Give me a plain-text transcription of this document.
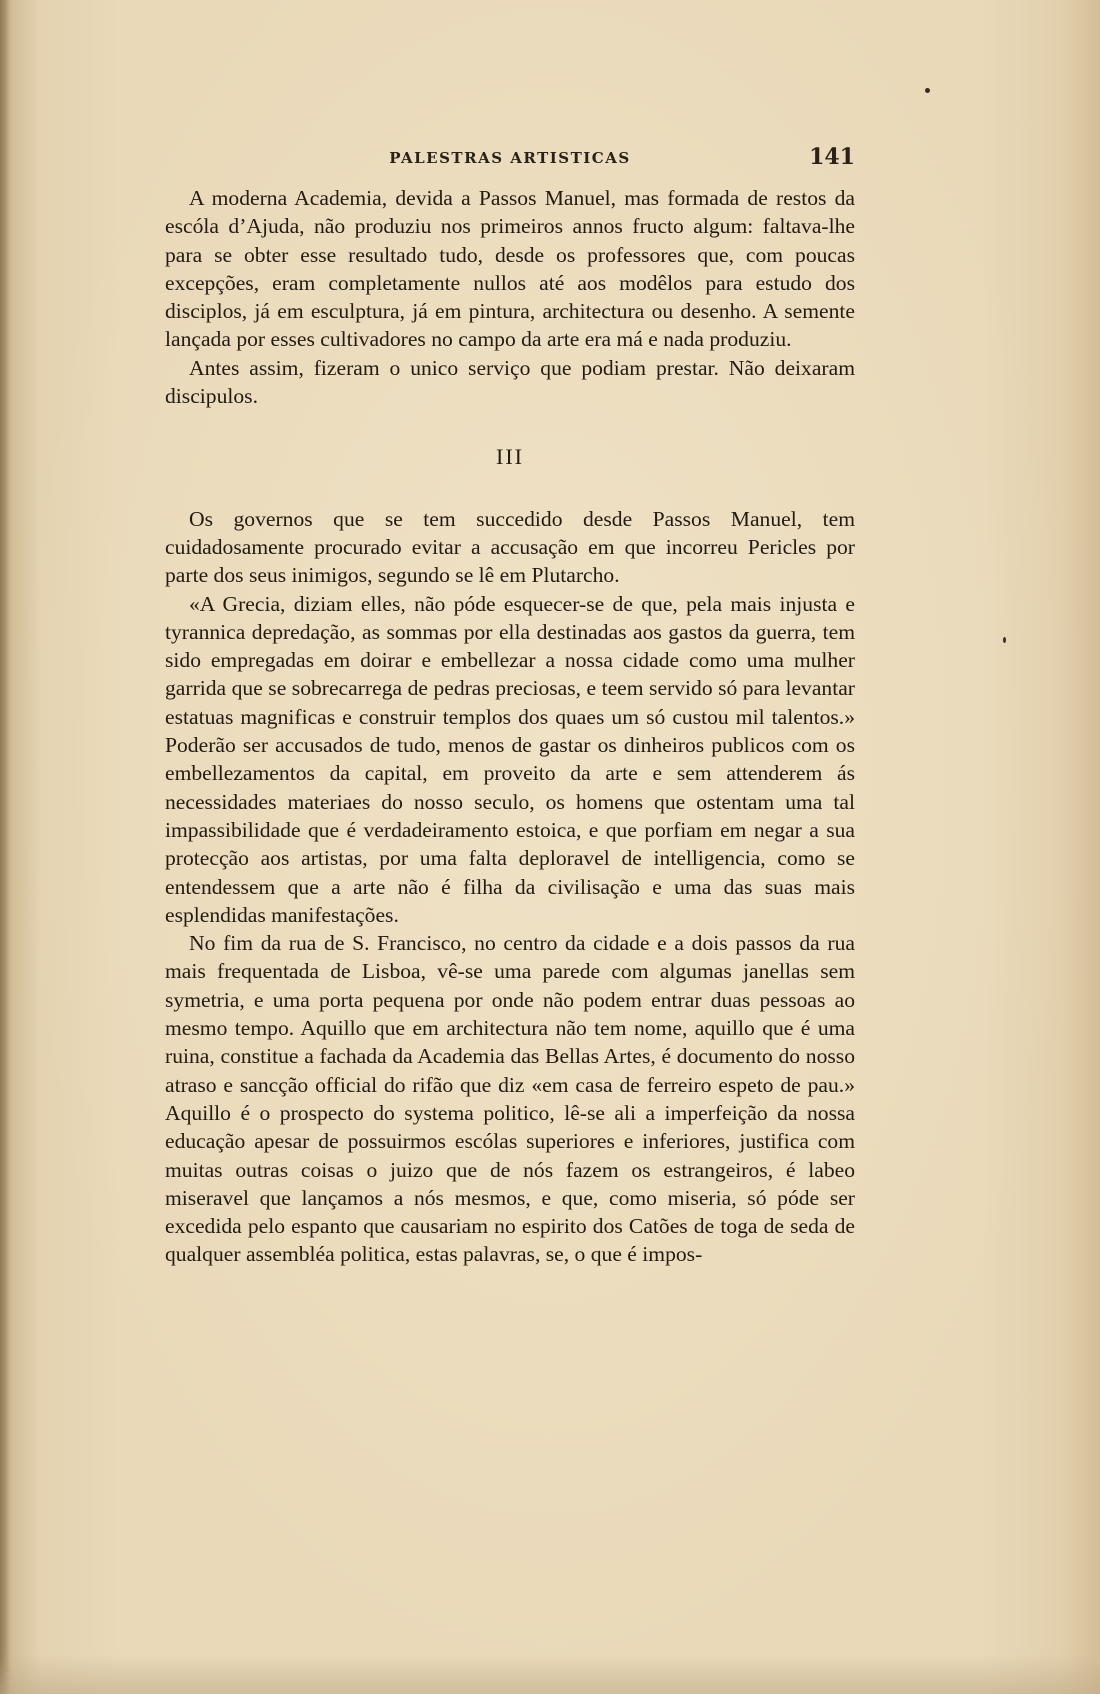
PALESTRAS ARTISTICAS	141

A moderna Academia, devida a Passos Manuel, mas formada de restos da escóla d’Ajuda, não produziu nos primeiros annos fructo algum: faltava-lhe para se obter esse resultado tudo, desde os professores que, com poucas excepções, eram completamente nullos até aos modêlos para estudo dos disciplos, já em esculptura, já em pintura, architectura ou desenho. A semente lançada por esses cultivadores no campo da arte era má e nada produziu.

Antes assim, fizeram o unico serviço que podiam prestar. Não deixaram discipulos.

III

Os governos que se tem succedido desde Passos Manuel, tem cuidadosamente procurado evitar a accusação em que incorreu Pericles por parte dos seus inimigos, segundo se lê em Plutarcho.

«A Grecia, diziam elles, não póde esquecer-se de que, pela mais injusta e tyrannica depredação, as sommas por ella destinadas aos gastos da guerra, tem sido empregadas em doirar e embellezar a nossa cidade como uma mulher garrida que se sobrecarrega de pedras preciosas, e teem servido só para levantar estatuas magnificas e construir templos dos quaes um só custou mil talentos.» Poderão ser accusados de tudo, menos de gastar os dinheiros publicos com os embellezamentos da capital, em proveito da arte e sem attenderem ás necessidades materiaes do nosso seculo, os homens que ostentam uma tal impassibilidade que é verdadeiramento estoica, e que porfiam em negar a sua protecção aos artistas, por uma falta deploravel de intelligencia, como se entendessem que a arte não é filha da civilisação e uma das suas mais esplendidas manifestações.

No fim da rua de S. Francisco, no centro da cidade e a dois passos da rua mais frequentada de Lisboa, vê-se uma parede com algumas janellas sem symetria, e uma porta pequena por onde não podem entrar duas pessoas ao mesmo tempo. Aquillo que em architectura não tem nome, aquillo que é uma ruina, constitue a fachada da Academia das Bellas Artes, é documento do nosso atraso e sancção official do rifão que diz «em casa de ferreiro espeto de pau.» Aquillo é o prospecto do systema politico, lê-se ali a imperfeição da nossa educação apesar de possuirmos escólas superiores e inferiores, justifica com muitas outras coisas o juizo que de nós fazem os estrangeiros, é labeo miseravel que lançamos a nós mesmos, e que, como miseria, só póde ser excedida pelo espanto que causariam no espirito dos Catões de toga de seda de qualquer assembléa politica, estas palavras, se, o que é impos-
